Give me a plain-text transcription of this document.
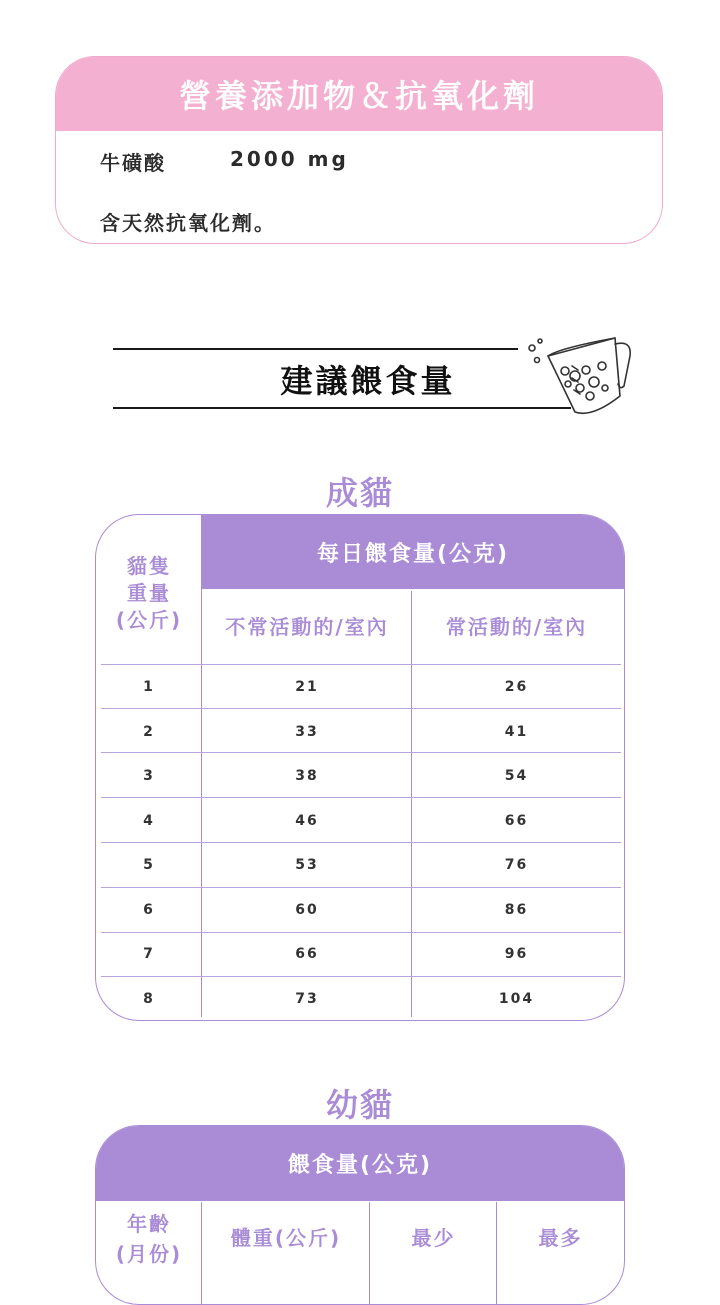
營養添加物＆抗氧化劑
牛磺酸	2000 mg
含天然抗氧化劑。
建議餵食量
成貓
每日餵食量(公克)
貓隻
重量
(公斤)	不常活動的/室內	常活動的/室內
1	21	26
2	33	41
3	38	54
4	46	66
5	53	76
6	60	86
7	66	96
8	73	104
幼貓
餵食量(公克)
年齡
(月份)
體重(公斤)	最少	最多
